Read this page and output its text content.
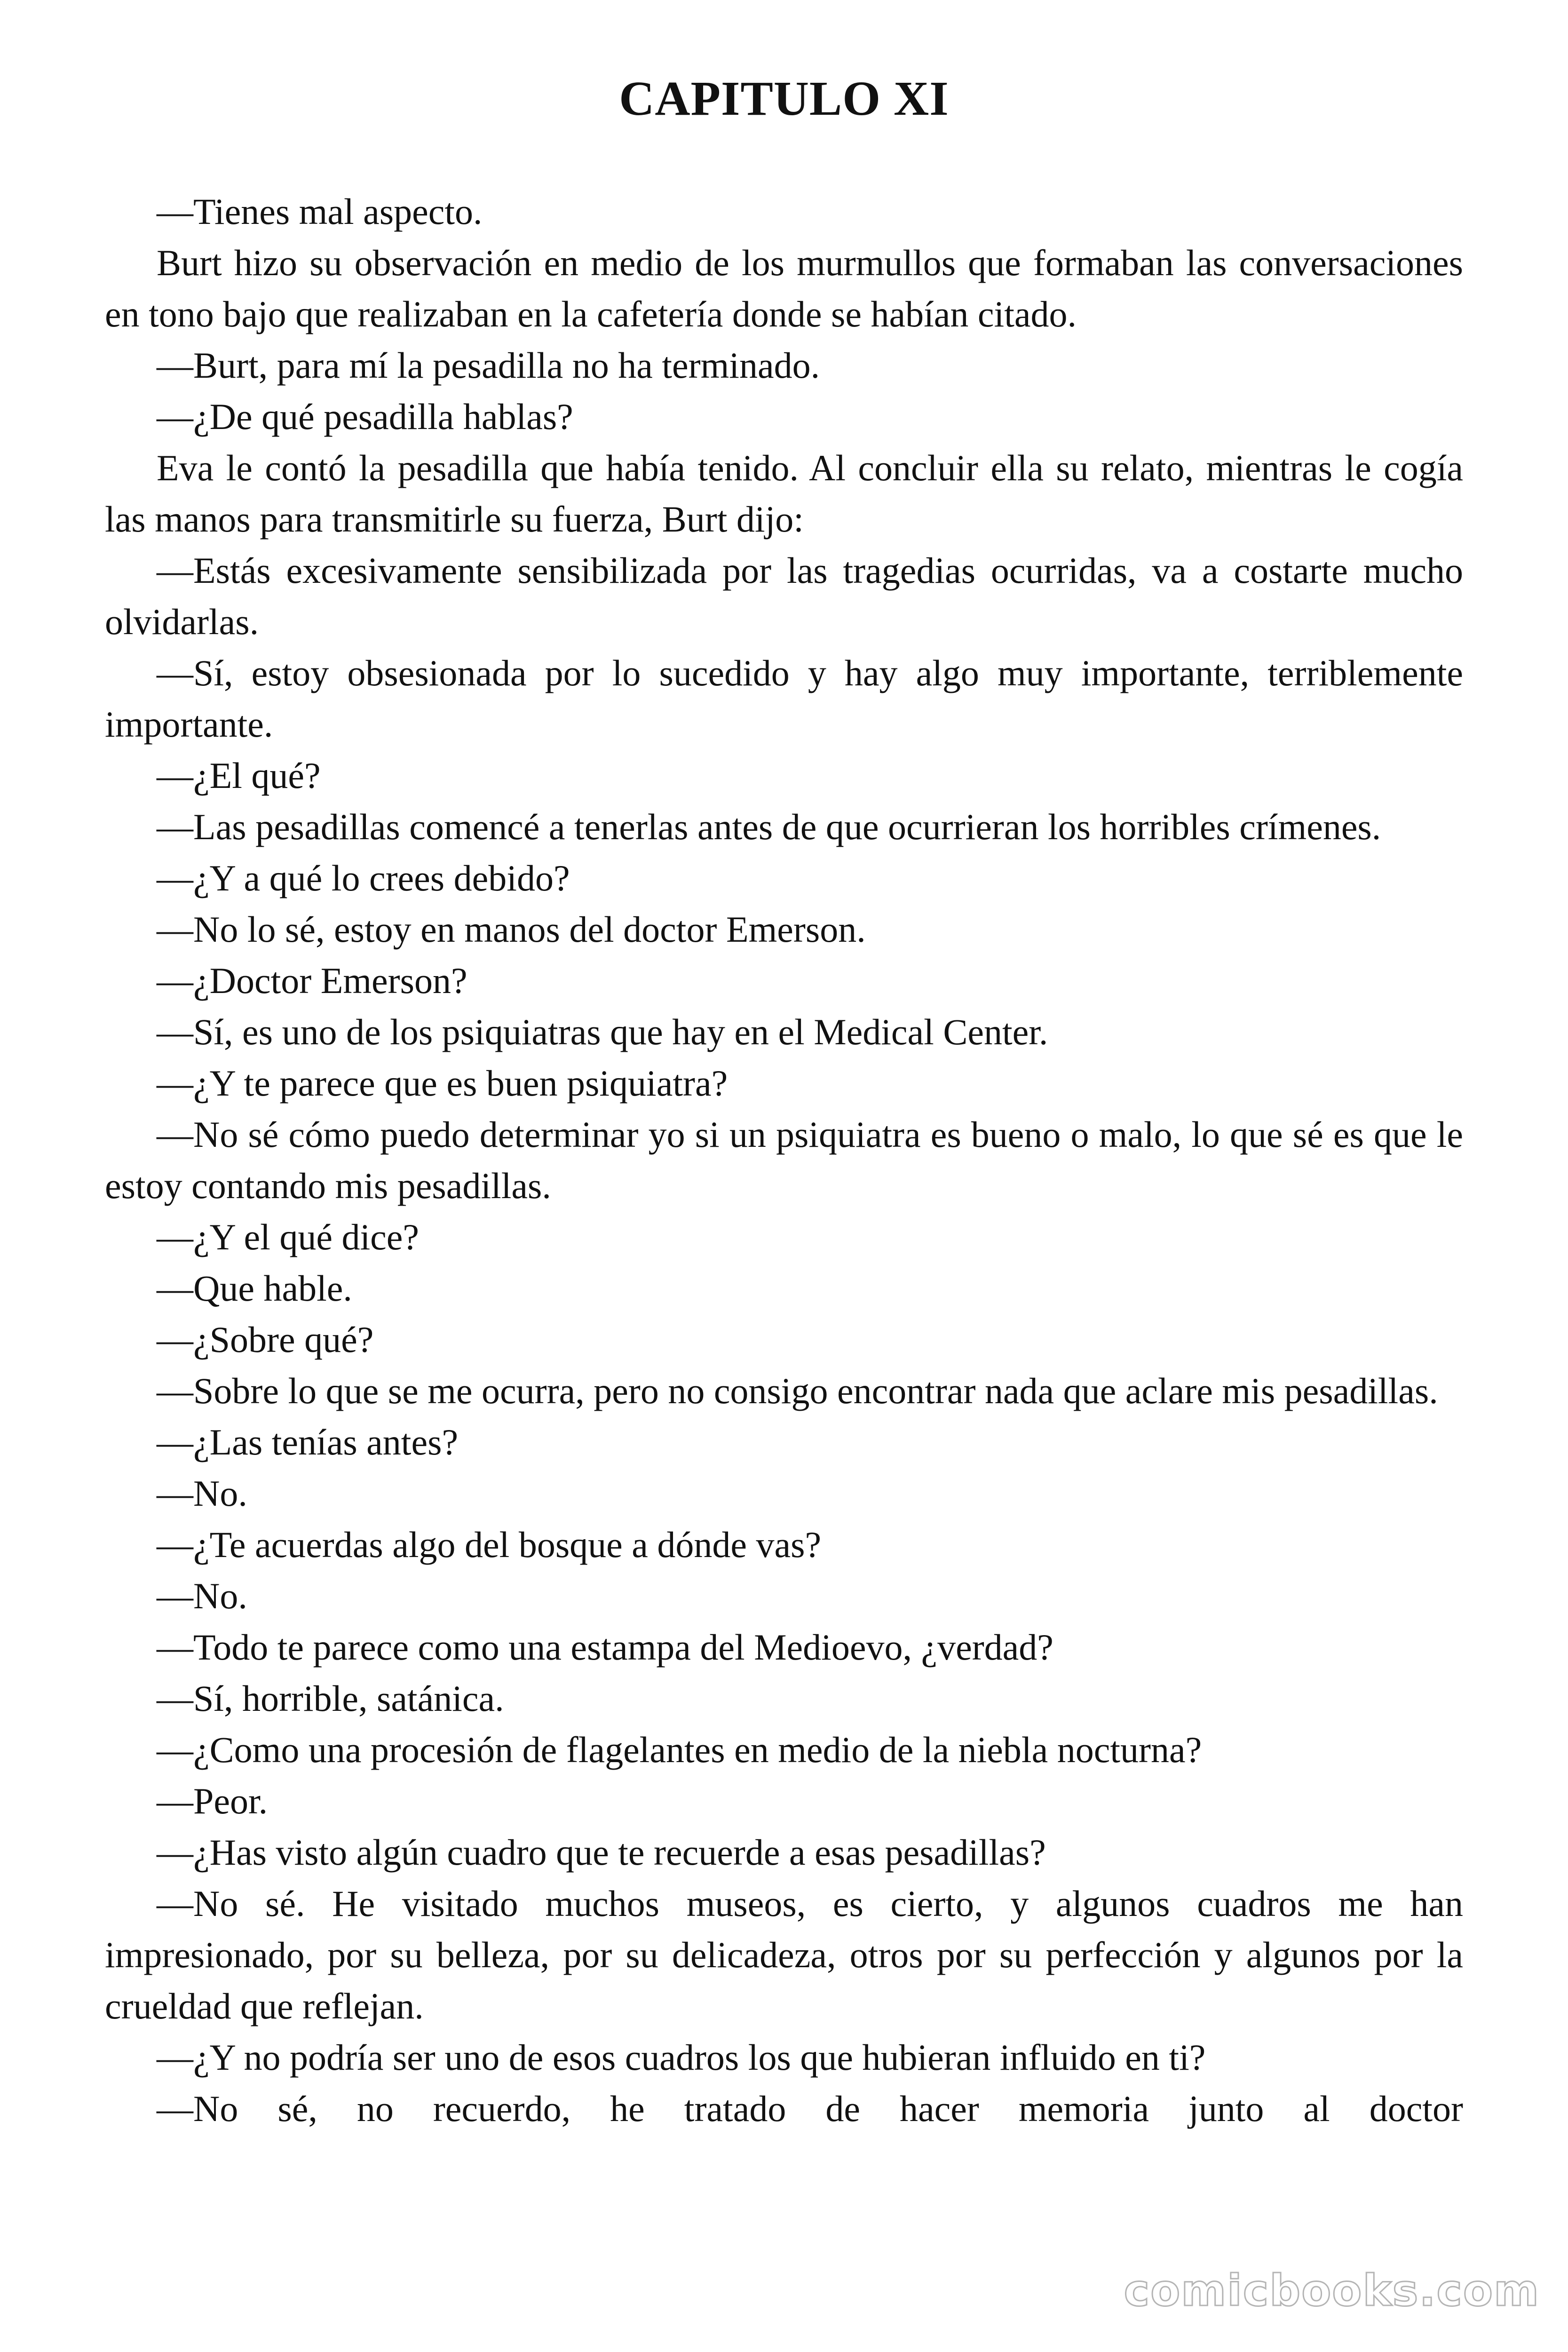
CAPITULO XI

—Tienes mal aspecto.

Burt hizo su observación en medio de los murmullos que formaban las conversaciones en tono bajo que realizaban en la cafetería donde se habían citado.

—Burt, para mí la pesadilla no ha terminado.

—¿De qué pesadilla hablas?

Eva le contó la pesadilla que había tenido. Al concluir ella su relato, mientras le cogía las manos para transmitirle su fuerza, Burt dijo:

—Estás excesivamente sensibilizada por las tragedias ocurridas, va a costarte mucho olvidarlas.

—Sí, estoy obsesionada por lo sucedido y hay algo muy importante, terriblemente importante.

—¿El qué?

—Las pesadillas comencé a tenerlas antes de que ocurrieran los horribles crímenes.

—¿Y a qué lo crees debido?

—No lo sé, estoy en manos del doctor Emerson.

—¿Doctor Emerson?

—Sí, es uno de los psiquiatras que hay en el Medical Center.

—¿Y te parece que es buen psiquiatra?

—No sé cómo puedo determinar yo si un psiquiatra es bueno o malo, lo que sé es que le estoy contando mis pesadillas.

—¿Y el qué dice?

—Que hable.

—¿Sobre qué?

—Sobre lo que se me ocurra, pero no consigo encontrar nada que aclare mis pesadillas.

—¿Las tenías antes?

—No.

—¿Te acuerdas algo del bosque a dónde vas?

—No.

—Todo te parece como una estampa del Medioevo, ¿verdad?

—Sí, horrible, satánica.

—¿Como una procesión de flagelantes en medio de la niebla nocturna?

—Peor.

—¿Has visto algún cuadro que te recuerde a esas pesadillas?

—No sé. He visitado muchos museos, es cierto, y algunos cuadros me han impresionado, por su belleza, por su delicadeza, otros por su perfección y algunos por la crueldad que reflejan.

—¿Y no podría ser uno de esos cuadros los que hubieran influido en ti?

—No sé, no recuerdo, he tratado de hacer memoria junto al doctor

comicbooks.com
